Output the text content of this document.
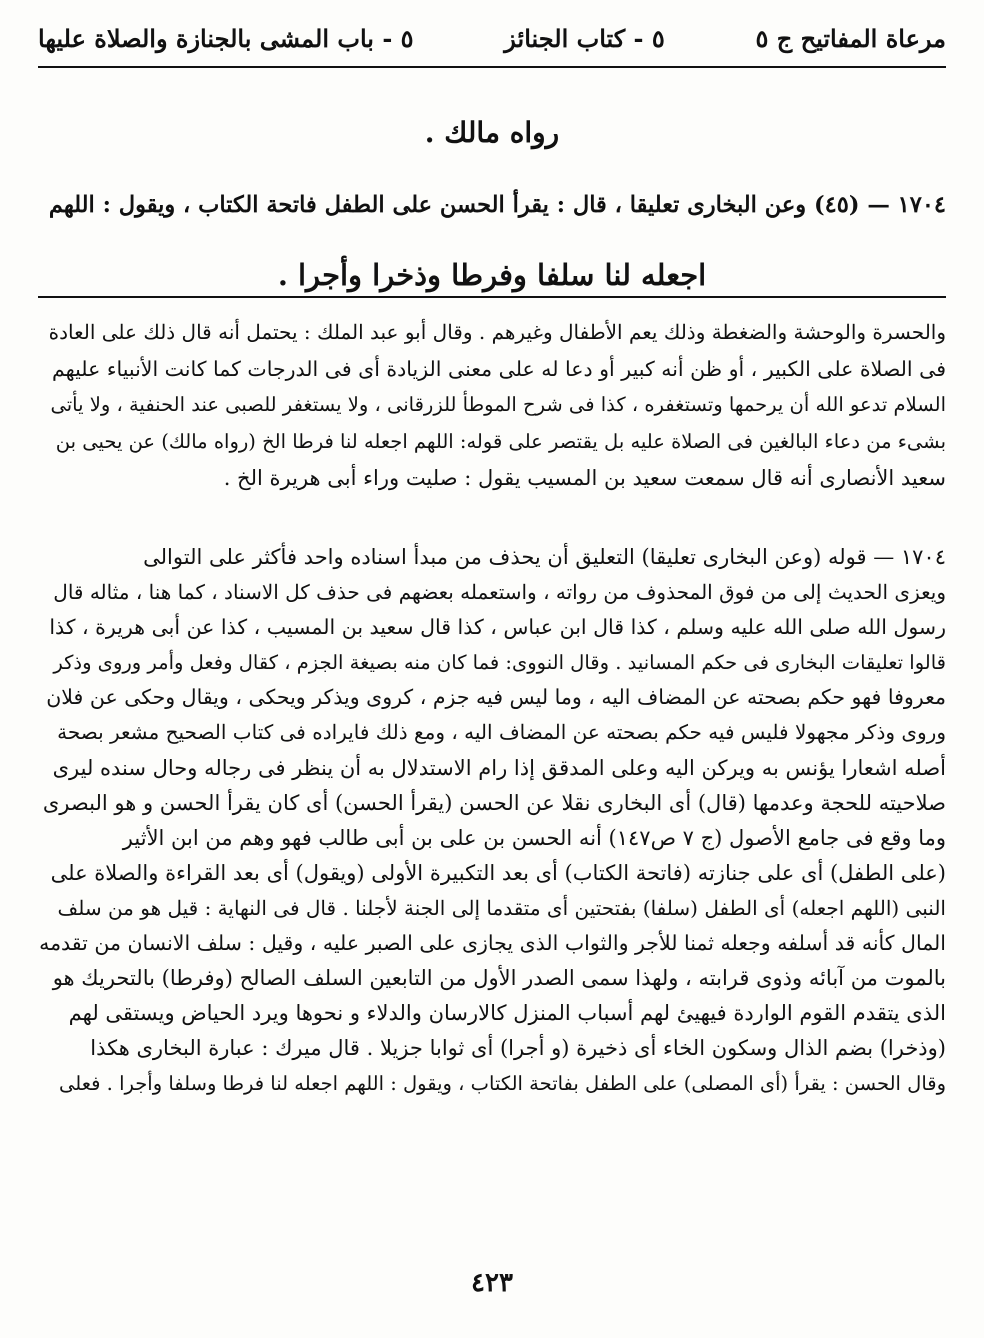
مرعاة المفاتيح ج ٥
٥ - كتاب الجنائز
٥ - باب المشى بالجنازة والصلاة عليها
رواه مالك .
١٧٠٤ — (٤٥) وعن البخارى تعليقا ، قال : يقرأ الحسن على الطفل فاتحة الكتاب ، ويقول : اللهم
اجعله لنا سلفا وفرطا وذخرا وأجرا .
والحسرة والوحشة والضغطة وذلك يعم الأطفال وغيرهم . وقال أبو عبد الملك : يحتمل أنه قال ذلك على العادة
فى الصلاة على الكبير ، أو ظن أنه كبير أو دعا له على معنى الزيادة أى فى الدرجات كما كانت الأنبياء عليهم
السلام تدعو الله أن يرحمها وتستغفره ، كذا فى شرح الموطأ للزرقانى ، ولا يستغفر للصبى عند الحنفية ، ولا يأتى
بشىء من دعاء البالغين فى الصلاة عليه بل يقتصر على قوله: اللهم اجعله لنا فرطا الخ (رواه مالك) عن يحيى بن
سعيد الأنصارى أنه قال سمعت سعيد بن المسيب يقول : صليت وراء أبى هريرة الخ .
١٧٠٤ — قوله (وعن البخارى تعليقا) التعليق أن يحذف من مبدأ اسناده واحد فأكثر على التوالى
ويعزى الحديث إلى من فوق المحذوف من رواته ، واستعمله بعضهم فى حذف كل الاسناد ، كما هنا ، مثاله قال
رسول الله صلى الله عليه وسلم ، كذا قال ابن عباس ، كذا قال سعيد بن المسيب ، كذا عن أبى هريرة ، كذا
قالوا تعليقات البخارى فى حكم المسانيد . وقال النووى: فما كان منه بصيغة الجزم ، كقال وفعل وأمر وروى وذكر
معروفا فهو حكم بصحته عن المضاف اليه ، وما ليس فيه جزم ، كروى ويذكر ويحكى ، ويقال وحكى عن فلان
وروى وذكر مجهولا فليس فيه حكم بصحته عن المضاف اليه ، ومع ذلك فايراده فى كتاب الصحيح مشعر بصحة
أصله اشعارا يؤنس به ويركن اليه وعلى المدقق إذا رام الاستدلال به أن ينظر فى رجاله وحال سنده ليرى
صلاحيته للحجة وعدمها (قال) أى البخارى نقلا عن الحسن (يقرأ الحسن) أى كان يقرأ الحسن و هو البصرى
وما وقع فى جامع الأصول (ج ٧ ص١٤٧) أنه الحسن بن على بن أبى طالب فهو وهم من ابن الأثير
(على الطفل) أى على جنازته (فاتحة الكتاب) أى بعد التكبيرة الأولى (ويقول) أى بعد القراءة والصلاة على
النبى (اللهم اجعله) أى الطفل (سلفا) بفتحتين أى متقدما إلى الجنة لأجلنا . قال فى النهاية : قيل هو من سلف
المال كأنه قد أسلفه وجعله ثمنا للأجر والثواب الذى يجازى على الصبر عليه ، وقيل : سلف الانسان من تقدمه
بالموت من آبائه وذوى قرابته ، ولهذا سمى الصدر الأول من التابعين السلف الصالح (وفرطا) بالتحريك هو
الذى يتقدم القوم الواردة فيهيئ لهم أسباب المنزل كالارسان والدلاء و نحوها ويرد الحياض ويستقى لهم
(وذخرا) بضم الذال وسكون الخاء أى ذخيرة (و أجرا) أى ثوابا جزيلا . قال ميرك : عبارة البخارى هكذا
وقال الحسن : يقرأ (أى المصلى) على الطفل بفاتحة الكتاب ، ويقول : اللهم اجعله لنا فرطا وسلفا وأجرا . فعلى
٤٢٣
